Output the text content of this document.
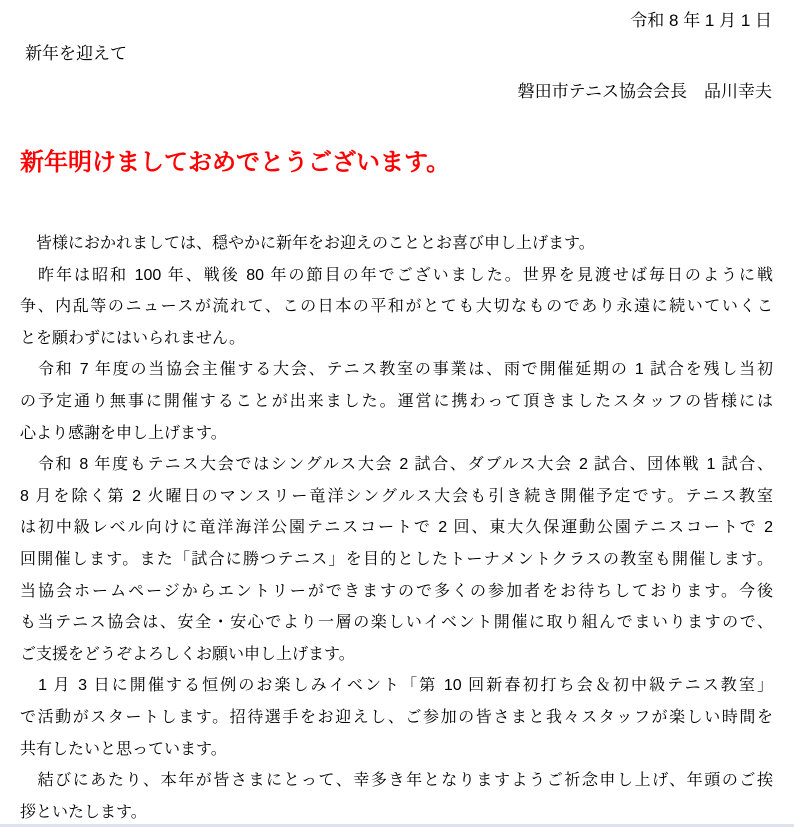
令和 8 年 1 月 1 日
新年を迎えて
磐田市テニス協会会長　品川幸夫
新年明けましておめでとうございます。
　皆様におかれましては、穏やかに新年をお迎えのこととお喜び申し上げます。
　昨年は昭和 100 年、戦後 80 年の節目の年でございました。世界を見渡せば毎日のように戦
争、内乱等のニュースが流れて、この日本の平和がとても大切なものであり永遠に続いていくこ
とを願わずにはいられません。
　令和 7 年度の当協会主催する大会、テニス教室の事業は、雨で開催延期の 1 試合を残し当初
の予定通り無事に開催することが出来ました。運営に携わって頂きましたスタッフの皆様には
心より感謝を申し上げます。
　令和 8 年度もテニス大会ではシングルス大会 2 試合、ダブルス大会 2 試合、団体戦 1 試合、
8 月を除く第 2 火曜日のマンスリー竜洋シングルス大会も引き続き開催予定です。テニス教室
は初中級レベル向けに竜洋海洋公園テニスコートで 2 回、東大久保運動公園テニスコートで 2
回開催します。また「試合に勝つテニス」を目的としたトーナメントクラスの教室も開催します。
当協会ホームページからエントリーができますので多くの参加者をお待ちしております。今後
も当テニス協会は、安全・安心でより一層の楽しいイベント開催に取り組んでまいりますので、
ご支援をどうぞよろしくお願い申し上げます。
　1 月 3 日に開催する恒例のお楽しみイベント「第 10 回新春初打ち会＆初中級テニス教室」
で活動がスタートします。招待選手をお迎えし、ご参加の皆さまと我々スタッフが楽しい時間を
共有したいと思っています。
　結びにあたり、本年が皆さまにとって、幸多き年となりますようご祈念申し上げ、年頭のご挨
拶といたします。
